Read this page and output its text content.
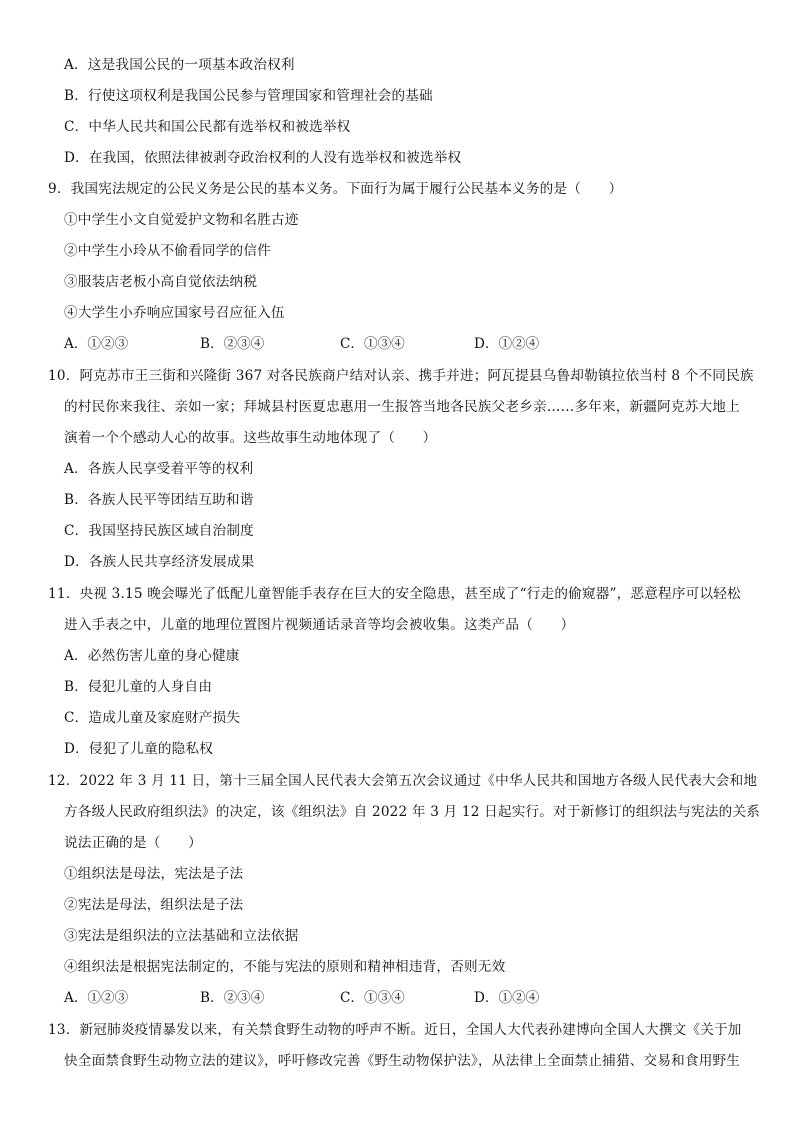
A．这是我国公民的一项基本政治权利
B．行使这项权利是我国公民参与管理国家和管理社会的基础
C．中华人民共和国公民都有选举权和被选举权
D．在我国，依照法律被剥夺政治权利的人没有选举权和被选举权
9．我国宪法规定的公民义务是公民的基本义务。下面行为属于履行公民基本义务的是（　　）
①中学生小文自觉爱护文物和名胜古迹
②中学生小玲从不偷看同学的信件
③服装店老板小高自觉依法纳税
④大学生小乔响应国家号召应征入伍
A．①②③	B．②③④	C．①③④	D．①②④
10．阿克苏市王三街和兴隆街 367 对各民族商户结对认亲、携手并进；阿瓦提县乌鲁却勒镇拉依当村 8 个不同民族
的村民你来我往、亲如一家；拜城县村医夏忠惠用一生报答当地各民族父老乡亲……多年来，新疆阿克苏大地上
演着一个个感动人心的故事。这些故事生动地体现了（　　）
A．各族人民享受着平等的权利
B．各族人民平等团结互助和谐
C．我国坚持民族区域自治制度
D．各族人民共享经济发展成果
11．央视 3.15 晚会曝光了低配儿童智能手表存在巨大的安全隐患，甚至成了“行走的偷窥器”，恶意程序可以轻松
进入手表之中，儿童的地理位置图片视频通话录音等均会被收集。这类产品（　　）
A．必然伤害儿童的身心健康
B．侵犯儿童的人身自由
C．造成儿童及家庭财产损失
D．侵犯了儿童的隐私权
12．2022 年 3 月 11 日，第十三届全国人民代表大会第五次会议通过《中华人民共和国地方各级人民代表大会和地
方各级人民政府组织法》的决定，该《组织法》自 2022 年 3 月 12 日起实行。对于新修订的组织法与宪法的关系
说法正确的是（　　）
①组织法是母法，宪法是子法
②宪法是母法，组织法是子法
③宪法是组织法的立法基础和立法依据
④组织法是根据宪法制定的，不能与宪法的原则和精神相违背，否则无效
A．①②③	B．②③④	C．①③④	D．①②④
13．新冠肺炎疫情暴发以来，有关禁食野生动物的呼声不断。近日，全国人大代表孙建博向全国人大撰文《关于加
快全面禁食野生动物立法的建议》，呼吁修改完善《野生动物保护法》，从法律上全面禁止捕猎、交易和食用野生
